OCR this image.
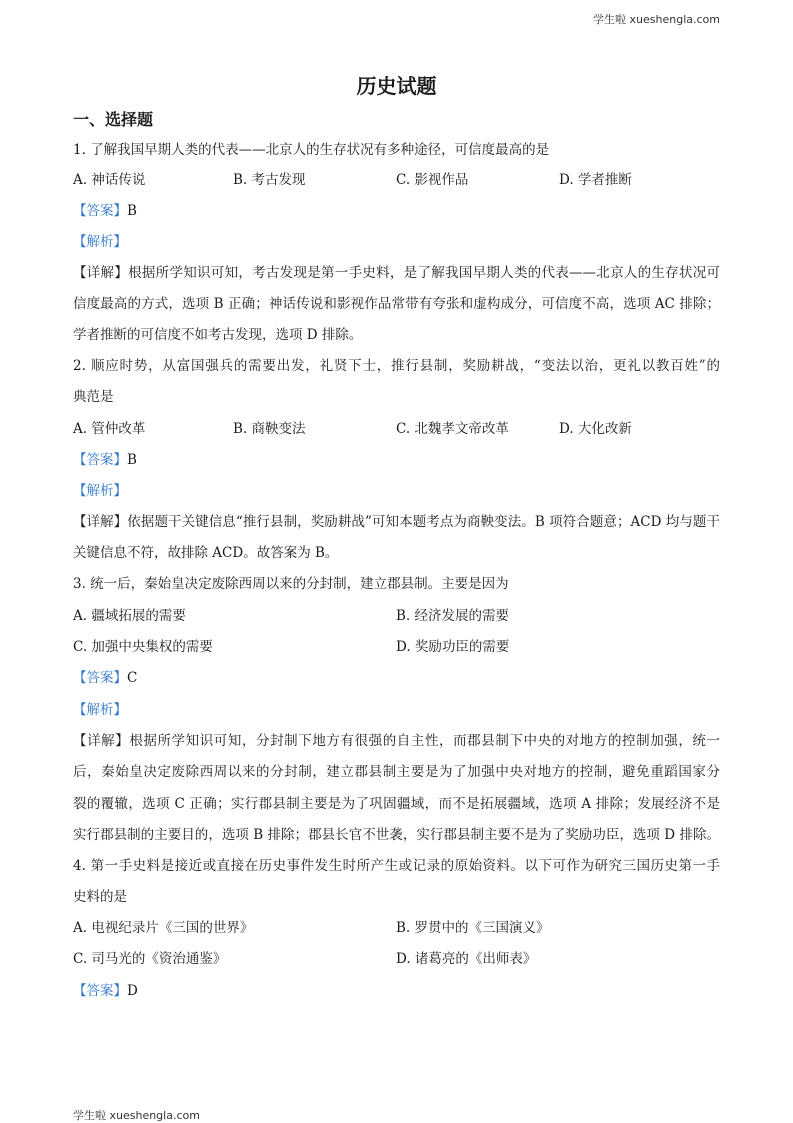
学生啦 xueshengla.com
历史试题
一、选择题
1. 了解我国早期人类的代表——北京人的生存状况有多种途径，可信度最高的是
A. 神话传说	B. 考古发现	C. 影视作品	D. 学者推断
【答案】B
【解析】
【详解】根据所学知识可知，考古发现是第一手史料，是了解我国早期人类的代表——北京人的生存状况可
信度最高的方式，选项 B 正确；神话传说和影视作品常带有夸张和虚构成分，可信度不高，选项 AC 排除；
学者推断的可信度不如考古发现，选项 D 排除。
2. 顺应时势，从富国强兵的需要出发，礼贤下士，推行县制，奖励耕战，“变法以治，更礼以教百姓”的
典范是
A. 管仲改革	B. 商鞅变法	C. 北魏孝文帝改革	D. 大化改新
【答案】B
【解析】
【详解】依据题干关键信息“推行县制，奖励耕战”可知本题考点为商鞅变法。B 项符合题意；ACD 均与题干
关键信息不符，故排除 ACD。故答案为 B。
3. 统一后，秦始皇决定废除西周以来的分封制，建立郡县制。主要是因为
A. 疆域拓展的需要	B. 经济发展的需要
C. 加强中央集权的需要	D. 奖励功臣的需要
【答案】C
【解析】
【详解】根据所学知识可知，分封制下地方有很强的自主性，而郡县制下中央的对地方的控制加强，统一
后，秦始皇决定废除西周以来的分封制，建立郡县制主要是为了加强中央对地方的控制，避免重蹈国家分
裂的覆辙，选项 C 正确；实行郡县制主要是为了巩固疆域，而不是拓展疆域，选项 A 排除；发展经济不是
实行郡县制的主要目的，选项 B 排除；郡县长官不世袭，实行郡县制主要不是为了奖励功臣，选项 D 排除。
4. 第一手史料是接近或直接在历史事件发生时所产生或记录的原始资料。以下可作为研究三国历史第一手
史料的是
A. 电视纪录片《三国的世界》	B. 罗贯中的《三国演义》
C. 司马光的《资治通鉴》	D. 诸葛亮的《出师表》
【答案】D
学生啦 xueshengla.com
